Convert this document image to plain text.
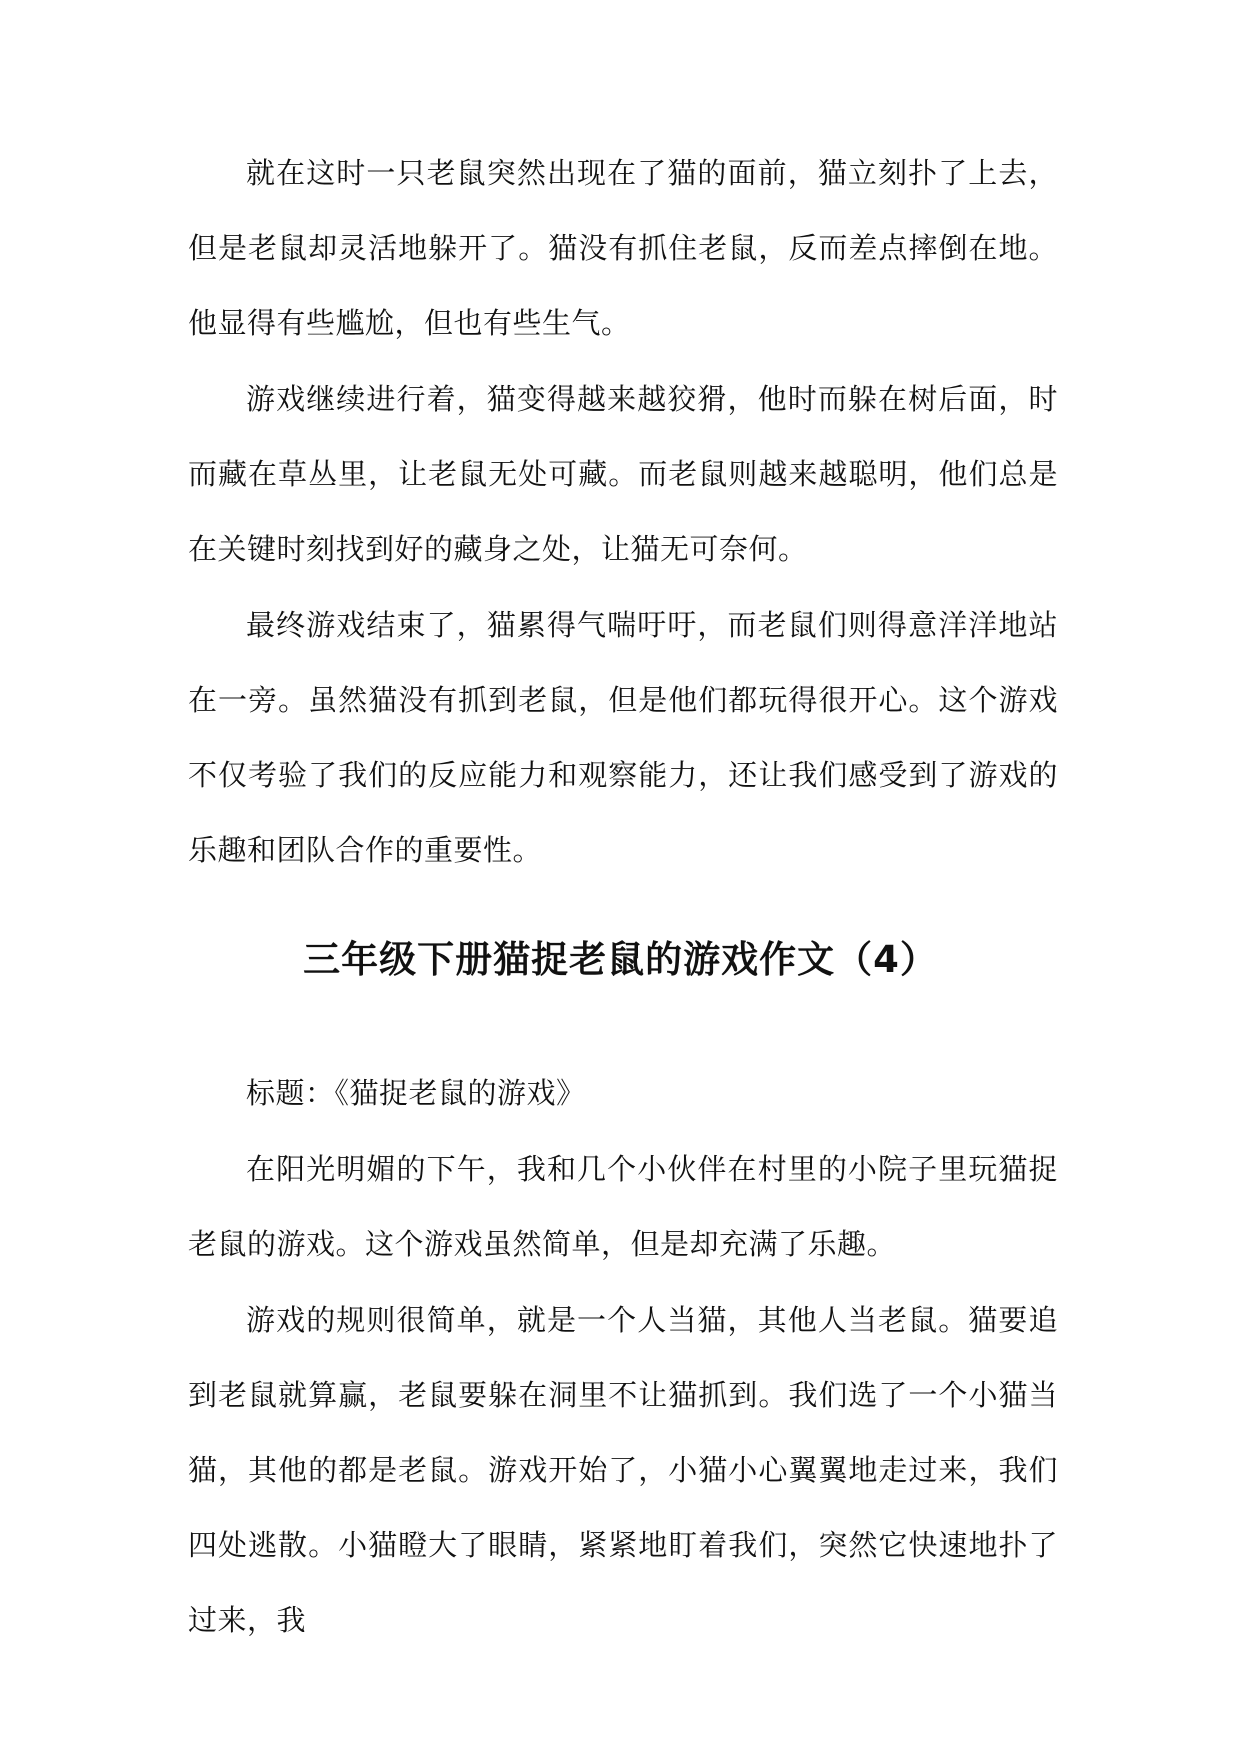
就在这时一只老鼠突然出现在了猫的面前，猫立刻扑了上去，但是老鼠却灵活地躲开了。猫没有抓住老鼠，反而差点摔倒在地。他显得有些尴尬，但也有些生气。

游戏继续进行着，猫变得越来越狡猾，他时而躲在树后面，时而藏在草丛里，让老鼠无处可藏。而老鼠则越来越聪明，他们总是在关键时刻找到好的藏身之处，让猫无可奈何。

最终游戏结束了，猫累得气喘吁吁，而老鼠们则得意洋洋地站在一旁。虽然猫没有抓到老鼠，但是他们都玩得很开心。这个游戏不仅考验了我们的反应能力和观察能力，还让我们感受到了游戏的乐趣和团队合作的重要性。

三年级下册猫捉老鼠的游戏作文（4）

标题：《猫捉老鼠的游戏》

在阳光明媚的下午，我和几个小伙伴在村里的小院子里玩猫捉老鼠的游戏。这个游戏虽然简单，但是却充满了乐趣。

游戏的规则很简单，就是一个人当猫，其他人当老鼠。猫要追到老鼠就算赢，老鼠要躲在洞里不让猫抓到。我们选了一个小猫当猫，其他的都是老鼠。游戏开始了，小猫小心翼翼地走过来，我们四处逃散。小猫瞪大了眼睛，紧紧地盯着我们，突然它快速地扑了过来，我
